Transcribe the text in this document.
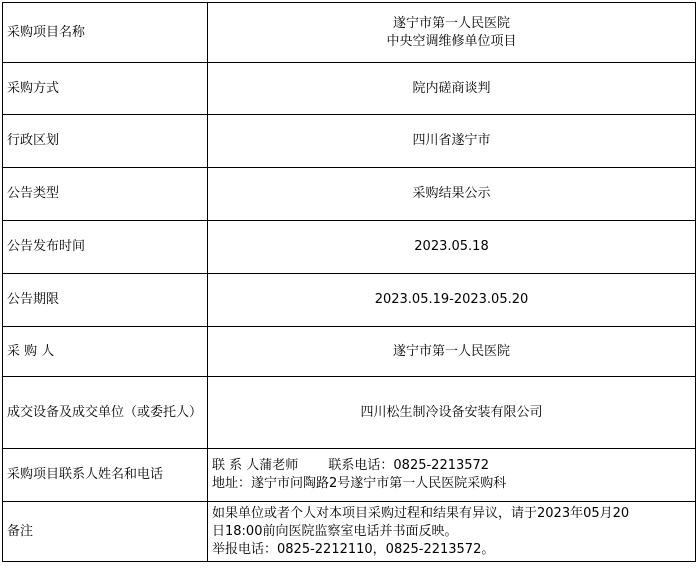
采购项目名称	遂宁市第一人民医院
中央空调维修单位项目

采购方式	院内磋商谈判
行政区划	四川省遂宁市
公告类型	采购结果公示
公告发布时间	2023.05.18
公告期限	2023.05.19-2023.05.20
采 购 人	遂宁市第一人民医院
成交设备及成交单位（或委托人）	四川松生制冷设备安装有限公司
采购项目联系人姓名和电话	联 系 人蒲老师　　 联系电话：0825-2213572
地址：遂宁市问陶路2号遂宁市第一人民医院采购科

备注	如果单位或者个人对本项目采购过程和结果有异议，请于2023年05月20
日18:00前向医院监察室电话并书面反映。
举报电话：0825-2212110，0825-2213572。
